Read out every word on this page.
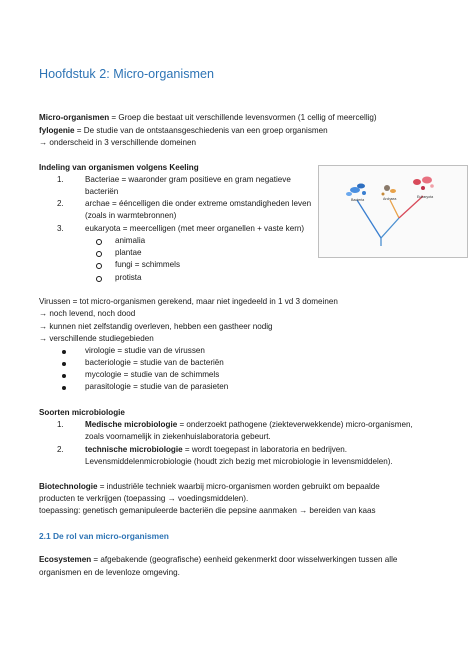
Hoofdstuk 2: Micro-organismen
Micro-organismen = Groep die bestaat uit verschillende levensvormen (1 cellig of meercellig)
fylogenie = De studie van de ontstaansgeschiedenis van een groep organismen
→ onderscheid in 3 verschillende domeinen
Indeling van organismen volgens Keeling
1.	Bacteriae = waaronder gram positieve en gram negatieve
bacteriën
2.	archae = ééncelligen die onder extreme omstandigheden leven
(zoals in warmtebronnen)
3.	eukaryota = meercelligen (met meer organellen + vaste kern)
animalia
plantae
fungi = schimmels
protista
Bacteria	Archaea	Eukaryota
Virussen = tot micro-organismen gerekend, maar niet ingedeeld in 1 vd 3 domeinen
→ noch levend, noch dood
→ kunnen niet zelfstandig overleven, hebben een gastheer nodig
→ verschillende studiegebieden
virologie = studie van de virussen
bacteriologie = studie van de bacteriën
mycologie = studie van de schimmels
parasitologie = studie van de parasieten
Soorten microbiologie
1.	Medische microbiologie = onderzoekt pathogene (ziekteverwekkende) micro-organismen,
zoals voornamelijk in ziekenhuislaboratoria gebeurt.
2.	technische microbiologie = wordt toegepast in laboratoria en bedrijven.
Levensmiddelenmicrobiologie (houdt zich bezig met microbiologie in levensmiddelen).
Biotechnologie = industriële techniek waarbij micro-organismen worden gebruikt om bepaalde
producten te verkrijgen (toepassing → voedingsmiddelen).
toepassing: genetisch gemanipuleerde bacteriën die pepsine aanmaken → bereiden van kaas
2.1 De rol van micro-organismen
Ecosystemen = afgebakende (geografische) eenheid gekenmerkt door wisselwerkingen tussen alle
organismen en de levenloze omgeving.
